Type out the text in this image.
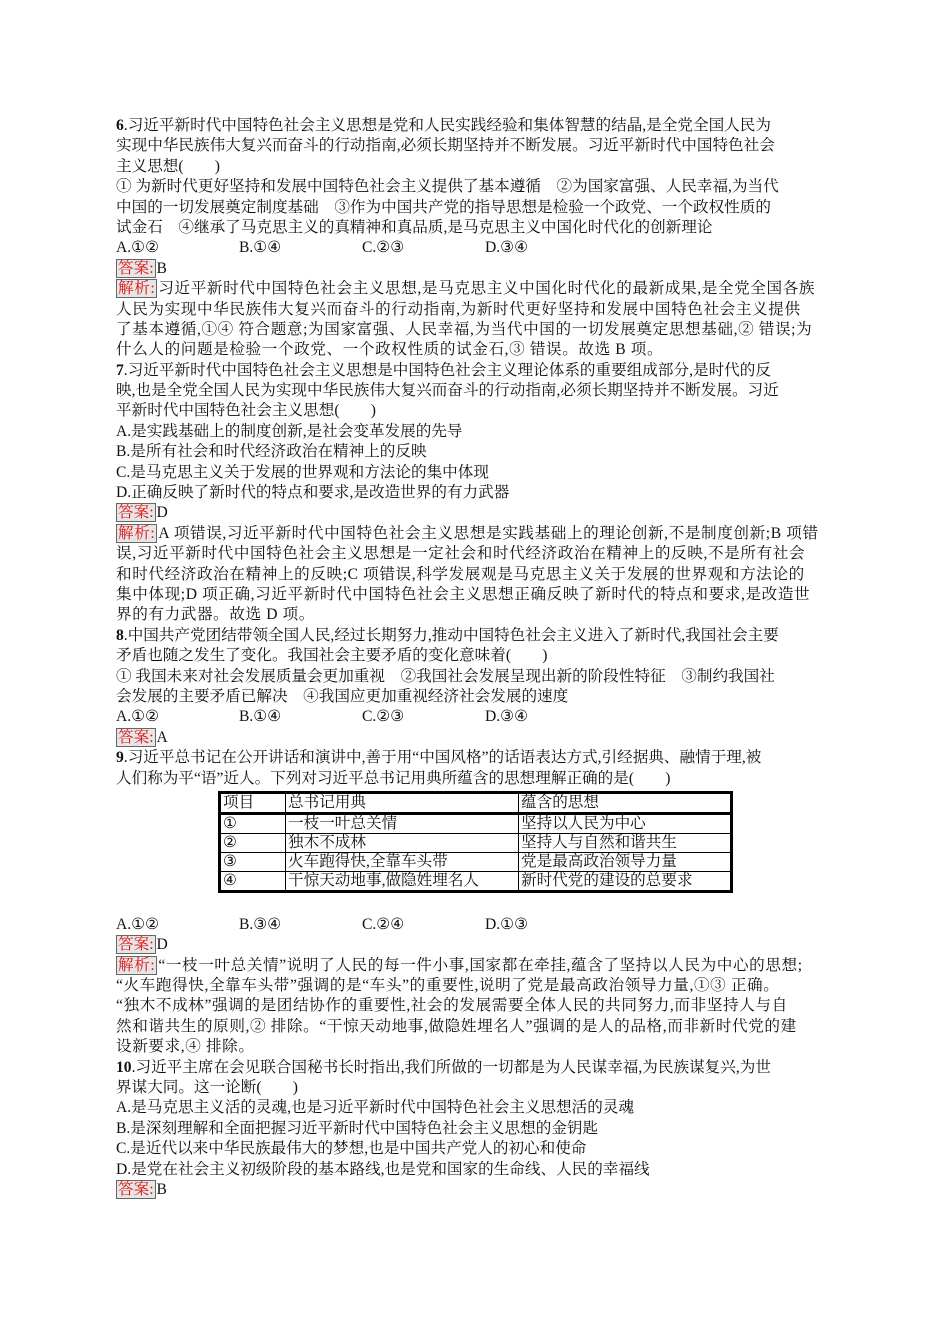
6.习近平新时代中国特色社会主义思想是党和人民实践经验和集体智慧的结晶,是全党全国人民为
实现中华民族伟大复兴而奋斗的行动指南,必须长期坚持并不断发展。习近平新时代中国特色社会
主义思想(　　)
① 为新时代更好坚持和发展中国特色社会主义提供了基本遵循　②为国家富强、人民幸福,为当代
中国的一切发展奠定制度基础　③作为中国共产党的指导思想是检验一个政党、一个政权性质的
试金石　④继承了马克思主义的真精神和真品质,是马克思主义中国化时代化的创新理论
A.①②	B.①④	C.②③	D.③④
答案: B
解析: 习近平新时代中国特色社会主义思想,是马克思主义中国化时代化的最新成果,是全党全国各族
人民为实现中华民族伟大复兴而奋斗的行动指南,为新时代更好坚持和发展中国特色社会主义提供
了基本遵循,①④ 符合题意;为国家富强、人民幸福,为当代中国的一切发展奠定思想基础,② 错误;为
什么人的问题是检验一个政党、一个政权性质的试金石,③ 错误。故选 B 项。
7.习近平新时代中国特色社会主义思想是中国特色社会主义理论体系的重要组成部分,是时代的反
映,也是全党全国人民为实现中华民族伟大复兴而奋斗的行动指南,必须长期坚持并不断发展。习近
平新时代中国特色社会主义思想(　　)
A.是实践基础上的制度创新,是社会变革发展的先导
B.是所有社会和时代经济政治在精神上的反映
C.是马克思主义关于发展的世界观和方法论的集中体现
D.正确反映了新时代的特点和要求,是改造世界的有力武器
答案: D
解析: A 项错误,习近平新时代中国特色社会主义思想是实践基础上的理论创新,不是制度创新;B 项错
误,习近平新时代中国特色社会主义思想是一定社会和时代经济政治在精神上的反映,不是所有社会
和时代经济政治在精神上的反映;C 项错误,科学发展观是马克思主义关于发展的世界观和方法论的
集中体现;D 项正确,习近平新时代中国特色社会主义思想正确反映了新时代的特点和要求,是改造世
界的有力武器。故选 D 项。
8.中国共产党团结带领全国人民,经过长期努力,推动中国特色社会主义进入了新时代,我国社会主要
矛盾也随之发生了变化。我国社会主要矛盾的变化意味着(　　)
① 我国未来对社会发展质量会更加重视　②我国社会发展呈现出新的阶段性特征　③制约我国社
会发展的主要矛盾已解决　④我国应更加重视经济社会发展的速度
A.①②	B.①④	C.②③	D.③④
答案: A
9.习近平总书记在公开讲话和演讲中,善于用“中国风格”的话语表达方式,引经据典、融情于理,被
人们称为平“语”近人。下列对习近平总书记用典所蕴含的思想理解正确的是(　　)
项目	总书记用典	蕴含的思想
①	一枝一叶总关情	坚持以人民为中心
②	独木不成林	坚持人与自然和谐共生
③	火车跑得快,全靠车头带	党是最高政治领导力量
④	干惊天动地事,做隐姓埋名人	新时代党的建设的总要求
A.①②	B.③④	C.②④	D.①③
答案: D
解析: “一枝一叶总关情”说明了人民的每一件小事,国家都在牵挂,蕴含了坚持以人民为中心的思想;
“火车跑得快,全靠车头带”强调的是“车头”的重要性,说明了党是最高政治领导力量,①③ 正确。
“独木不成林”强调的是团结协作的重要性,社会的发展需要全体人民的共同努力,而非坚持人与自
然和谐共生的原则,② 排除。“干惊天动地事,做隐姓埋名人”强调的是人的品格,而非新时代党的建
设新要求,④ 排除。
10.习近平主席在会见联合国秘书长时指出,我们所做的一切都是为人民谋幸福,为民族谋复兴,为世
界谋大同。这一论断(　　)
A.是马克思主义活的灵魂,也是习近平新时代中国特色社会主义思想活的灵魂
B.是深刻理解和全面把握习近平新时代中国特色社会主义思想的金钥匙
C.是近代以来中华民族最伟大的梦想,也是中国共产党人的初心和使命
D.是党在社会主义初级阶段的基本路线,也是党和国家的生命线、人民的幸福线
答案: B
